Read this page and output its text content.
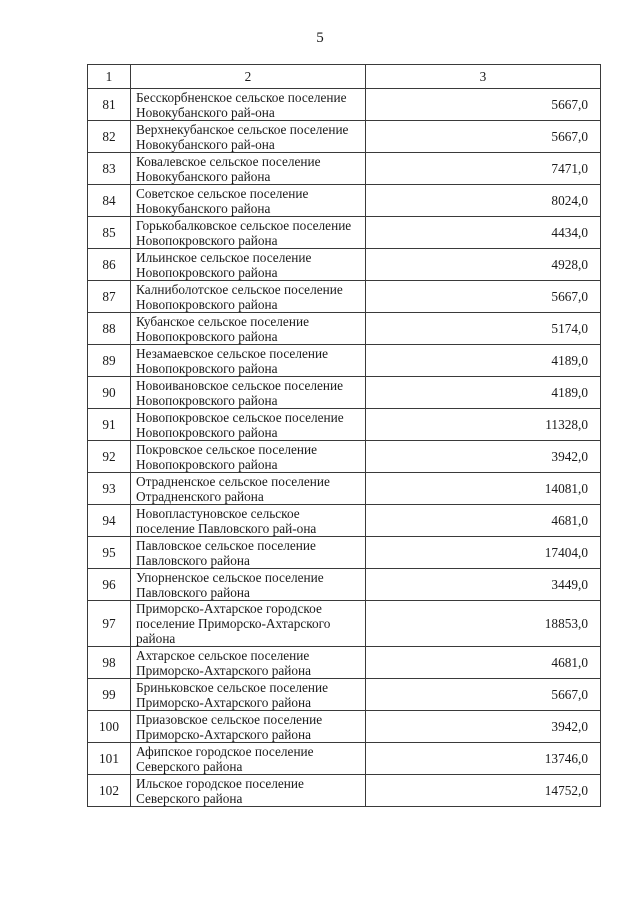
5
1	2	3
81	Бесскорбненское сельское поселение Новокубанского рай-она	5667,0
82	Верхнекубанское сельское поселение Новокубанского рай-она	5667,0
83	Ковалевское сельское поселение Новокубанского района	7471,0
84	Советское сельское поселение Новокубанского района	8024,0
85	Горькобалковское сельское поселение Новопокровского района	4434,0
86	Ильинское сельское поселение Новопокровского района	4928,0
87	Калниболотское сельское поселение Новопокровского района	5667,0
88	Кубанское сельское поселение Новопокровского района	5174,0
89	Незамаевское сельское поселение Новопокровского района	4189,0
90	Новоивановское сельское поселение Новопокровского района	4189,0
91	Новопокровское сельское поселение Новопокровского района	11328,0
92	Покровское сельское поселение Новопокровского района	3942,0
93	Отрадненское сельское поселение Отрадненского района	14081,0
94	Новопластуновское сельское поселение Павловского рай-она	4681,0
95	Павловское сельское поселение Павловского района	17404,0
96	Упорненское сельское поселение Павловского района	3449,0
97	Приморско-Ахтарское городское поселение Приморско-Ахтарского района	18853,0
98	Ахтарское сельское поселение Приморско-Ахтарского района	4681,0
99	Бриньковское сельское поселение Приморско-Ахтарского района	5667,0
100	Приазовское сельское поселение Приморско-Ахтарского района	3942,0
101	Афипское городское поселение Северского района	13746,0
102	Ильское городское поселение Северского района	14752,0
